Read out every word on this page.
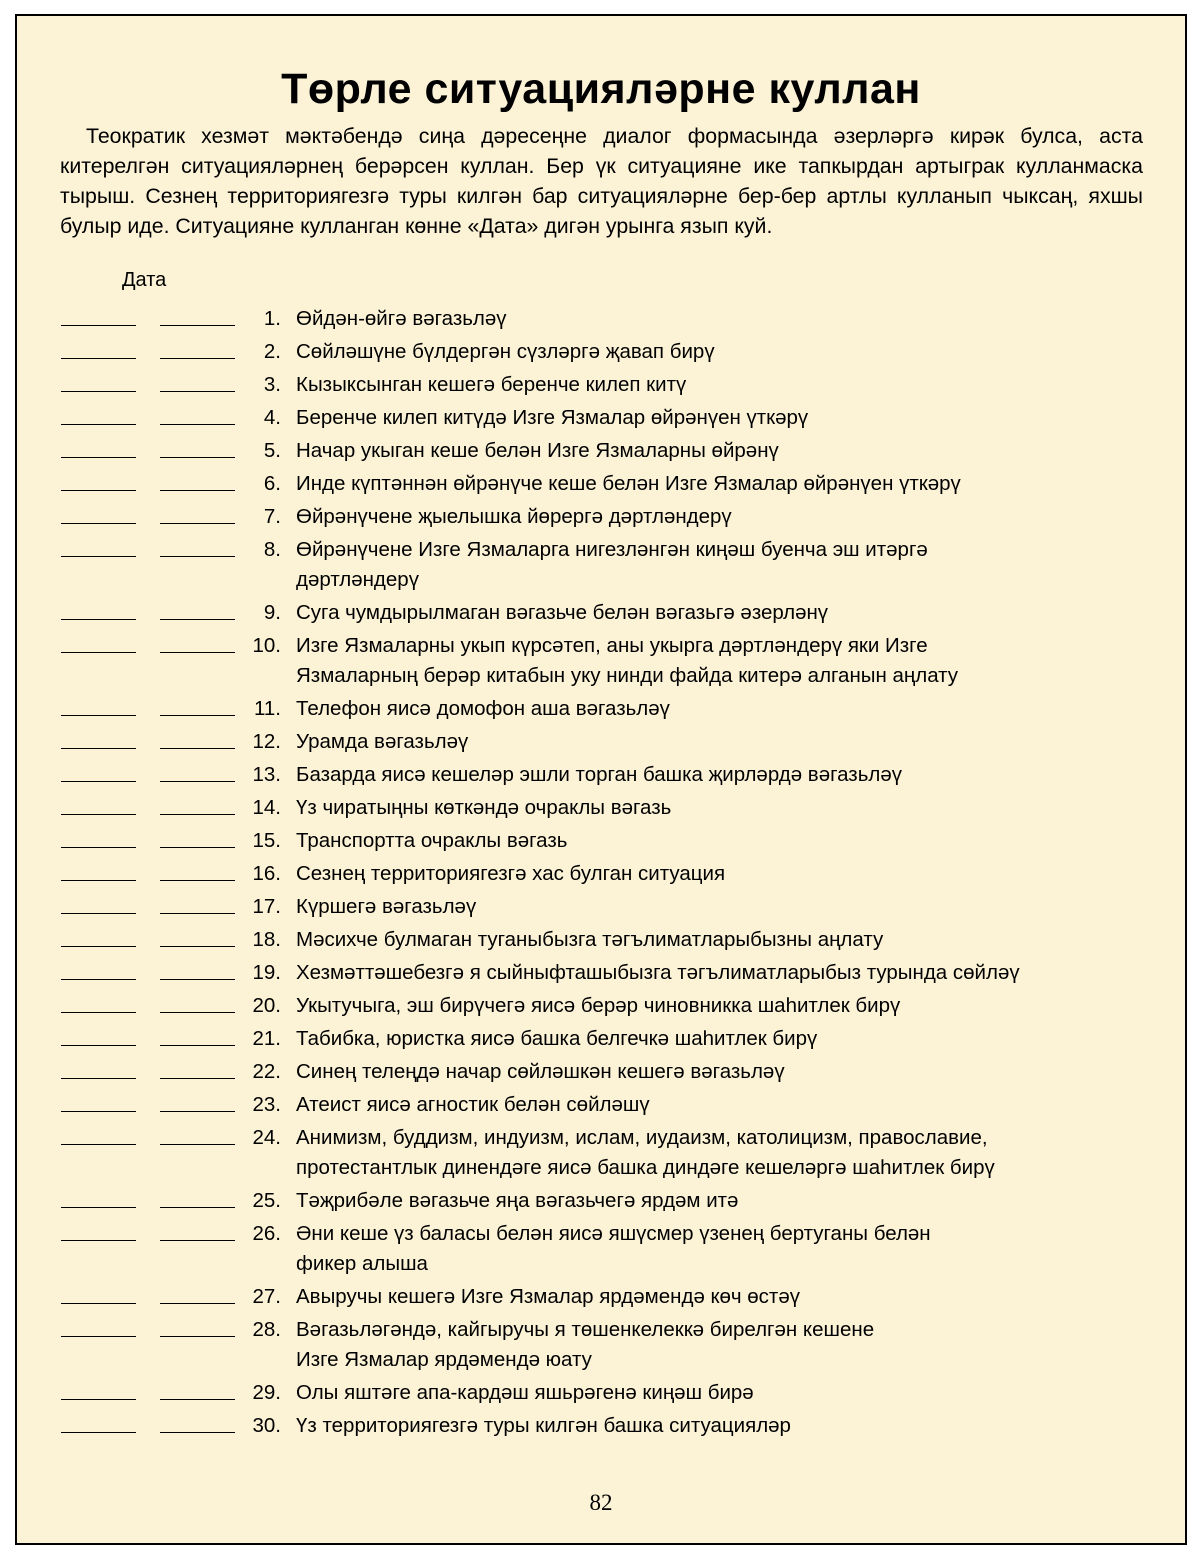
Төрле ситуацияләрне куллан

Теократик хезмәт мәктәбендә сиңа дәресеңне диалог формасында әзерләргә кирәк булса, аста китерелгән ситуацияләрнең берәрсен куллан. Бер үк ситуацияне ике тапкырдан артыграк кулланмаска тырыш. Сезнең территориягезгә туры килгән бар ситуацияләрне бер-бер артлы кулланып чыксаң, яхшы булыр иде. Ситуацияне кулланган көнне «Дата» дигән урынга язып куй.

Дата
1. Өйдән-өйгә вәгазьләү
2. Сөйләшүне бүлдергән сүзләргә җавап бирү
3. Кызыксынган кешегә беренче килеп китү
4. Беренче килеп китүдә Изге Язмалар өйрәнүен үткәрү
5. Начар укыган кеше белән Изге Язмаларны өйрәнү
6. Инде күптәннән өйрәнүче кеше белән Изге Язмалар өйрәнүен үткәрү
7. Өйрәнүчене җыелышка йөрергә дәртләндерү
8. Өйрәнүчене Изге Язмаларга нигезләнгән киңәш буенча эш итәргә
дәртләндерү
9. Суга чумдырылмаган вәгазьче белән вәгазьгә әзерләнү
10. Изге Язмаларны укып күрсәтеп, аны укырга дәртләндерү яки Изге
Язмаларның берәр китабын уку нинди файда китерә алганын аңлату
11. Телефон яисә домофон аша вәгазьләү
12. Урамда вәгазьләү
13. Базарда яисә кешеләр эшли торган башка җирләрдә вәгазьләү
14. Үз чиратыңны көткәндә очраклы вәгазь
15. Транспортта очраклы вәгазь
16. Сезнең территориягезгә хас булган ситуация
17. Күршегә вәгазьләү
18. Мәсихче булмаган туганыбызга тәгълиматларыбызны аңлату
19. Хезмәттәшебезгә я сыйныфташыбызга тәгълиматларыбыз турында сөйләү
20. Укытучыга, эш бирүчегә яисә берәр чиновникка шаһитлек бирү
21. Табибка, юристка яисә башка белгечкә шаһитлек бирү
22. Синең телеңдә начар сөйләшкән кешегә вәгазьләү
23. Атеист яисә агностик белән сөйләшү
24. Анимизм, буддизм, индуизм, ислам, иудаизм, католицизм, православие,
протестантлык динендәге яисә башка диндәге кешеләргә шаһитлек бирү
25. Тәҗрибәле вәгазьче яңа вәгазьчегә ярдәм итә
26. Әни кеше үз баласы белән яисә яшүсмер үзенең бертуганы белән
фикер алыша
27. Авыручы кешегә Изге Язмалар ярдәмендә көч өстәү
28. Вәгазьләгәндә, кайгыручы я төшенкелеккә бирелгән кешене
Изге Язмалар ярдәмендә юату
29. Олы яштәге апа-кардәш яшьрәгенә киңәш бирә
30. Үз территориягезгә туры килгән башка ситуацияләр
82
